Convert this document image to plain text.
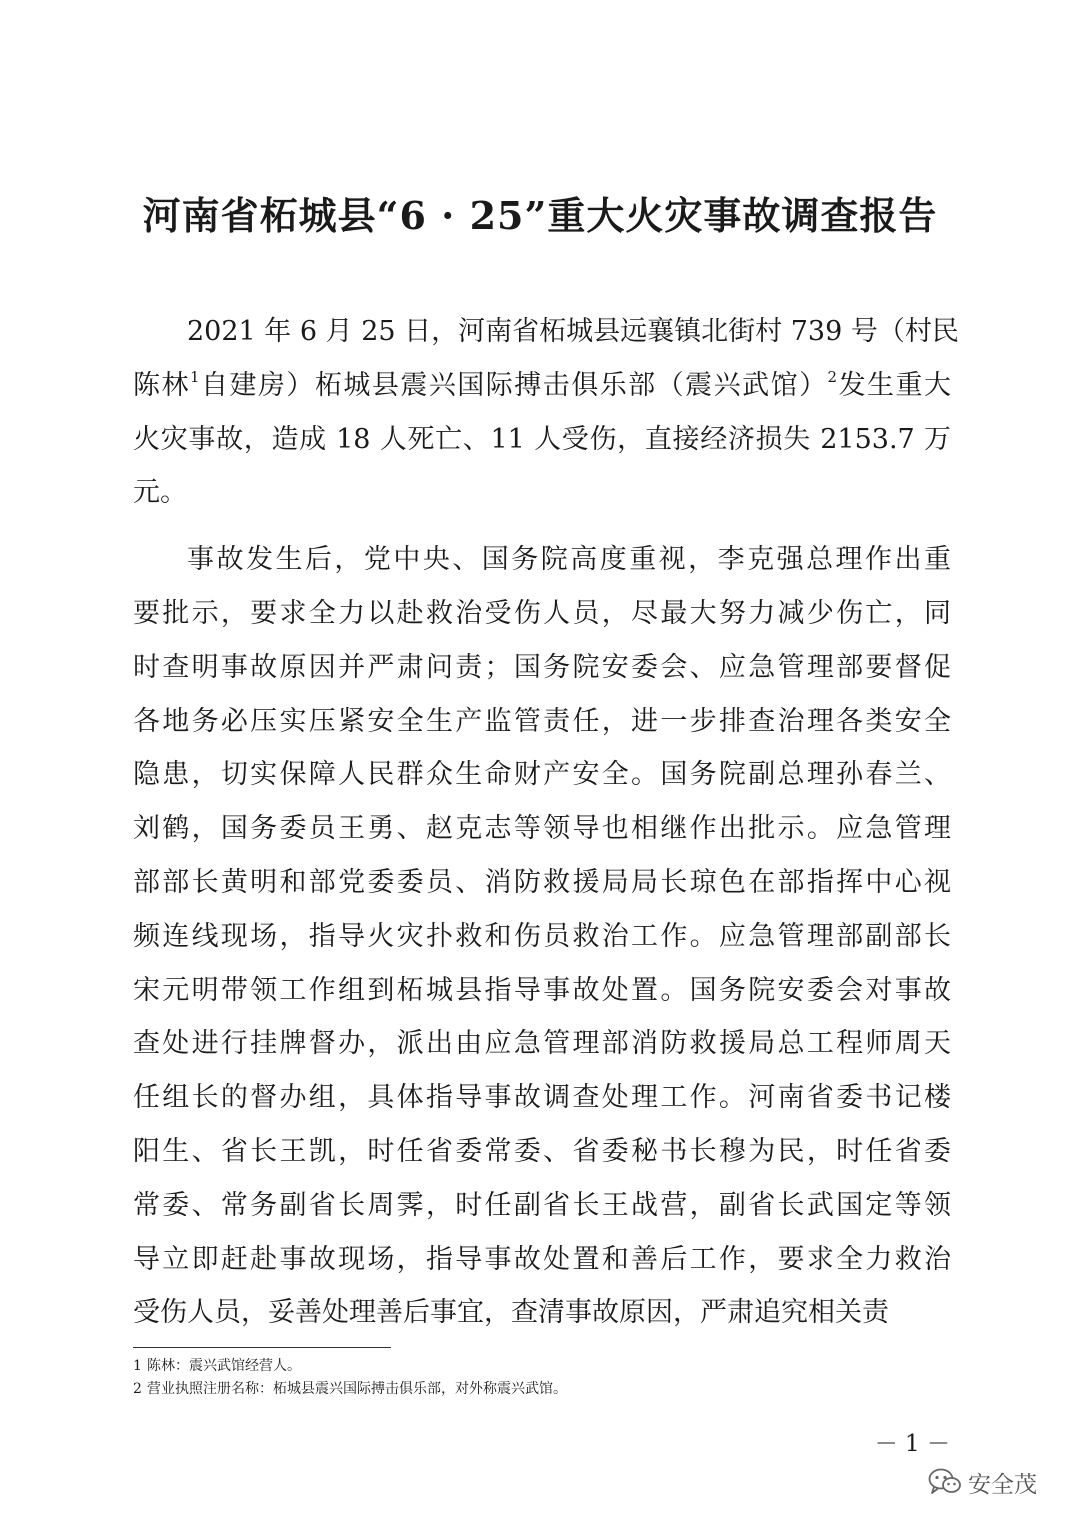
河南省柘城县“6 · 25”重大火灾事故调查报告
2021 年 6 月 25 日，河南省柘城县远襄镇北街村 739 号（村民
陈林$^1$自建房）柘城县震兴国际搏击俱乐部（震兴武馆）$^2$发生重大
火灾事故，造成 18 人死亡、11 人受伤，直接经济损失 2153.7 万
元。
事故发生后，党中央、国务院高度重视，李克强总理作出重
要批示，要求全力以赴救治受伤人员，尽最大努力减少伤亡，同
时查明事故原因并严肃问责；国务院安委会、应急管理部要督促
各地务必压实压紧安全生产监管责任，进一步排查治理各类安全
隐患，切实保障人民群众生命财产安全。国务院副总理孙春兰、
刘鹤，国务委员王勇、赵克志等领导也相继作出批示。应急管理
部部长黄明和部党委委员、消防救援局局长琼色在部指挥中心视
频连线现场，指导火灾扑救和伤员救治工作。应急管理部副部长
宋元明带领工作组到柘城县指导事故处置。国务院安委会对事故
查处进行挂牌督办，派出由应急管理部消防救援局总工程师周天
任组长的督办组，具体指导事故调查处理工作。河南省委书记楼
阳生、省长王凯，时任省委常委、省委秘书长穆为民，时任省委
常委、常务副省长周霁，时任副省长王战营，副省长武国定等领
导立即赶赴事故现场，指导事故处置和善后工作，要求全力救治
受伤人员，妥善处理善后事宜，查清事故原因，严肃追究相关责
1 陈林：震兴武馆经营人。
2 营业执照注册名称：柘城县震兴国际搏击俱乐部，对外称震兴武馆。
－ 1 －
安全茂
